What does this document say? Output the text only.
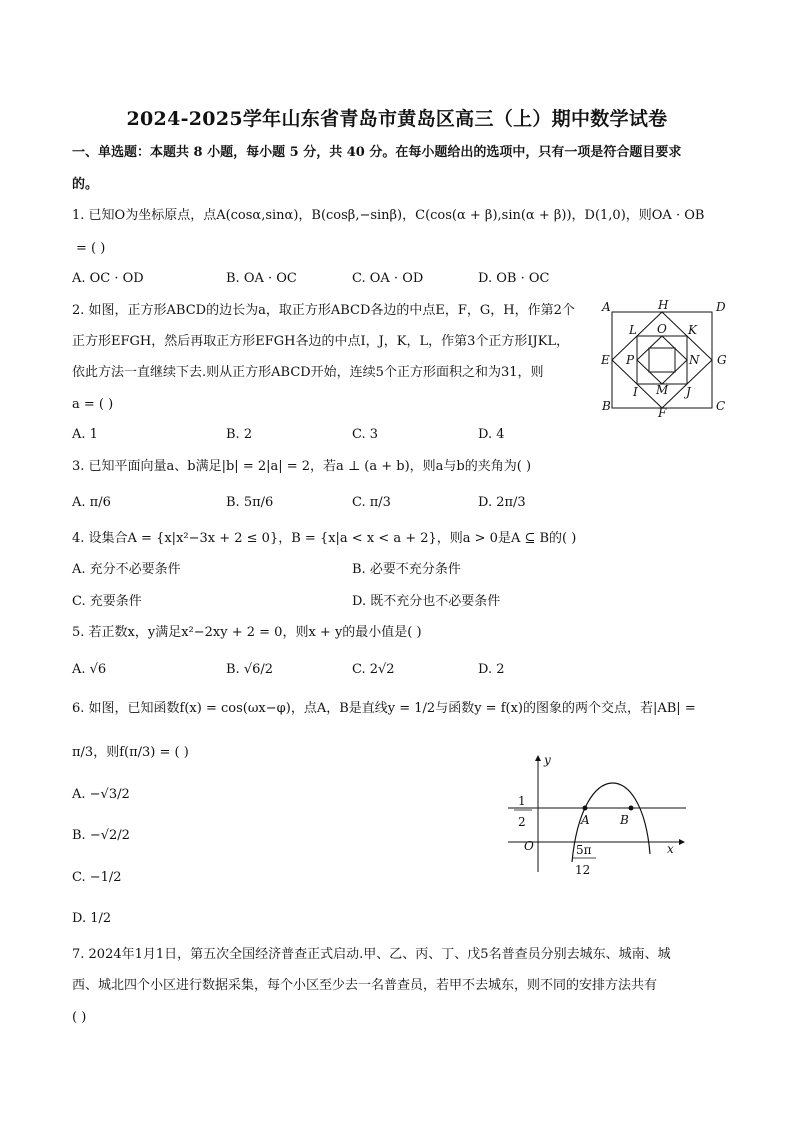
2024-2025学年山东省青岛市黄岛区高三（上）期中数学试卷
一、单选题：本题共 8 小题，每小题 5 分，共 40 分。在每小题给出的选项中，只有一项是符合题目要求
的。
1. 已知O为坐标原点，点A(cosα,sinα)，B(cosβ,−sinβ)，C(cos(α + β),sin(α + β))，D(1,0)，则OA · OB
= ( )
A. OC · OD	B. OA · OC	C. OA · OD	D. OB · OC
2. 如图，正方形ABCD的边长为a，取正方形ABCD各边的中点E，F，G，H，作第2个
正方形EFGH，然后再取正方形EFGH各边的中点I，J，K，L，作第3个正方形IJKL，
依此方法一直继续下去.则从正方形ABCD开始，连续5个正方形面积之和为31，则
a = ( )
A. 1	B. 2	C. 3	D. 4
A	H	D
L O K
E P	N G
I M J
B	F	C
3. 已知平面向量a、b满足|b| = 2|a| = 2，若a ⊥ (a + b)，则a与b的夹角为( )
A. π/6	B. 5π/6	C. π/3	D. 2π/3
4. 设集合A = {x|x²−3x + 2 ≤ 0}，B = {x|a < x < a + 2}，则a > 0是A ⊆ B的( )
A. 充分不必要条件	B. 必要不充分条件
C. 充要条件	D. 既不充分也不必要条件
5. 若正数x，y满足x²−2xy + 2 = 0，则x + y的最小值是( )
A. √6	B. √6/2	C. 2√2	D. 2
6. 如图，已知函数f(x) = cos(ωx−φ)，点A，B是直线y = 1/2与函数y = f(x)的图象的两个交点，若|AB| =
π/3，则f(π/3) = ( )
A. −√3/2
B. −√2/2
C. −1/2
D. 1/2
y
x
O
1
2	A	B
5π
12
7. 2024年1月1日，第五次全国经济普查正式启动.甲、乙、丙、丁、戊5名普查员分别去城东、城南、城
西、城北四个小区进行数据采集，每个小区至少去一名普查员，若甲不去城东，则不同的安排方法共有
( )
